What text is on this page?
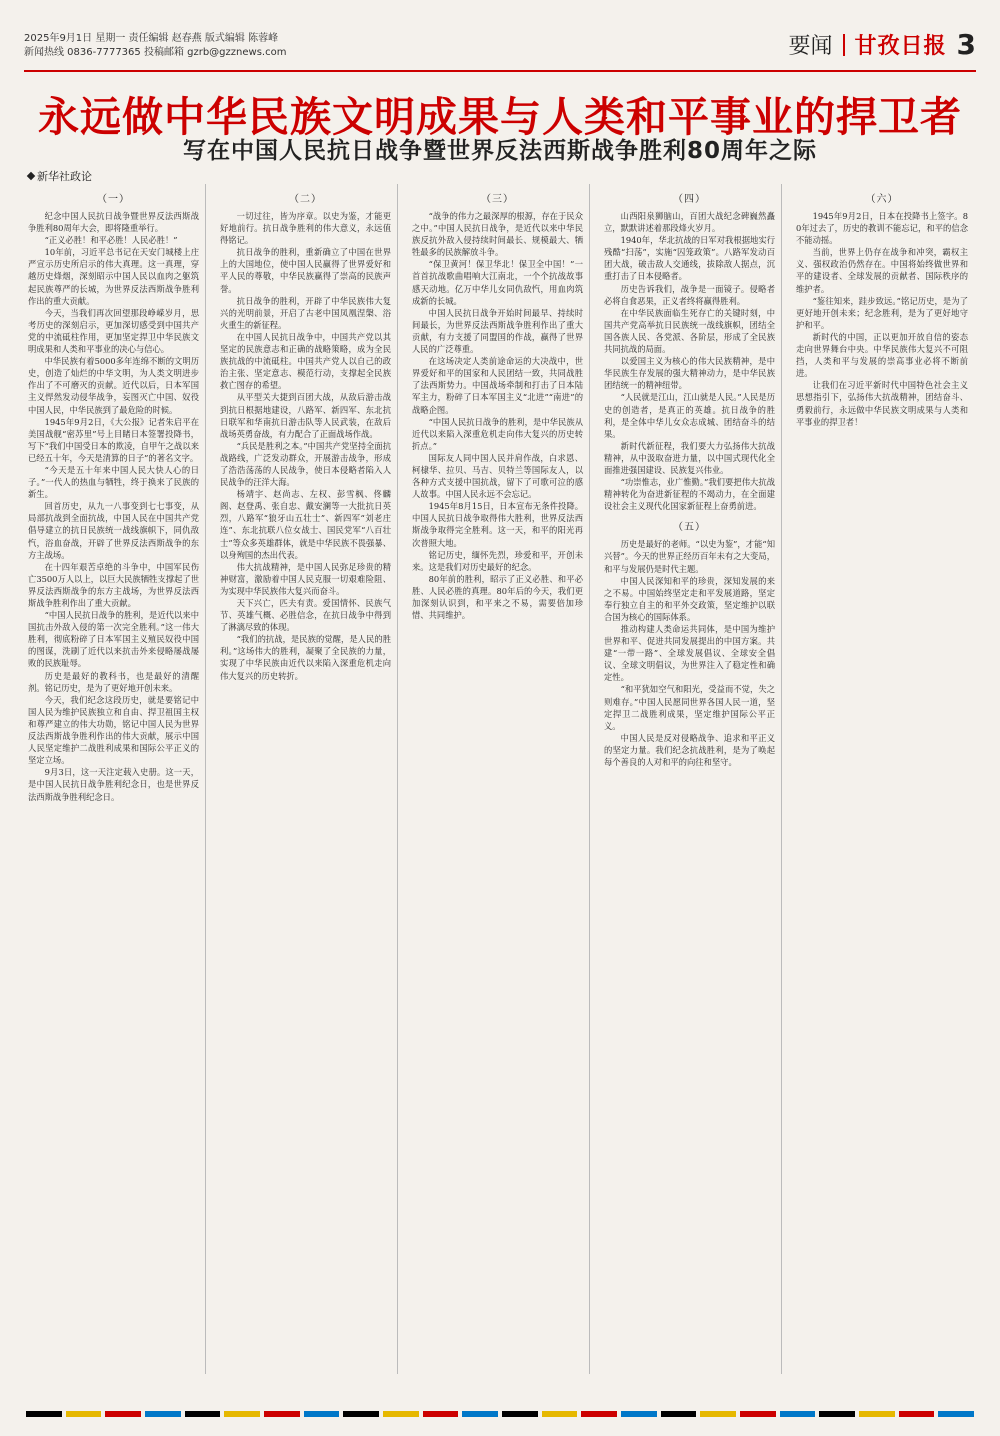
2025年9月1日 星期一 责任编辑 赵春燕 版式编辑 陈蓉峰
新闻热线 0836-7777365 投稿邮箱 gzrb@gzznews.com	要闻 甘孜日报 3
永远做中华民族文明成果与人类和平事业的捍卫者
写在中国人民抗日战争暨世界反法西斯战争胜利80周年之际
新华社政论
（一）

纪念中国人民抗日战争暨世界反法西斯战争胜利80周年大会，即将隆重举行。

“正义必胜！和平必胜！人民必胜！”

10年前，习近平总书记在天安门城楼上庄严宣示历史所启示的伟大真理。这一真理，穿越历史烽烟，深刻昭示中国人民以血肉之躯筑起民族尊严的长城，为世界反法西斯战争胜利作出的重大贡献。

今天，当我们再次回望那段峥嵘岁月，思考历史的深刻启示，更加深切感受到中国共产党的中流砥柱作用，更加坚定捍卫中华民族文明成果和人类和平事业的决心与信心。

中华民族有着5000多年连绵不断的文明历史，创造了灿烂的中华文明，为人类文明进步作出了不可磨灭的贡献。近代以后，日本军国主义悍然发动侵华战争，妄图灭亡中国、奴役中国人民，中华民族到了最危险的时候。

1945年9月2日，《大公报》记者朱启平在美国战舰“密苏里”号上目睹日本签署投降书，写下“我们中国受日本的欺凌，自甲午之战以来已经五十年，今天是清算的日子”的著名文字。

“今天是五十年来中国人民大快人心的日子。”一代人的热血与牺牲，终于换来了民族的新生。

回首历史，从九一八事变到七七事变，从局部抗战到全面抗战，中国人民在中国共产党倡导建立的抗日民族统一战线旗帜下，同仇敌忾，浴血奋战，开辟了世界反法西斯战争的东方主战场。

在十四年艰苦卓绝的斗争中，中国军民伤亡3500万人以上，以巨大民族牺牲支撑起了世界反法西斯战争的东方主战场，为世界反法西斯战争胜利作出了重大贡献。

“中国人民抗日战争的胜利，是近代以来中国抗击外敌入侵的第一次完全胜利。”这一伟大胜利，彻底粉碎了日本军国主义殖民奴役中国的图谋，洗刷了近代以来抗击外来侵略屡战屡败的民族耻辱。

历史是最好的教科书，也是最好的清醒剂。铭记历史，是为了更好地开创未来。

今天，我们纪念这段历史，就是要铭记中国人民为维护民族独立和自由、捍卫祖国主权和尊严建立的伟大功勋，铭记中国人民为世界反法西斯战争胜利作出的伟大贡献，展示中国人民坚定维护二战胜利成果和国际公平正义的坚定立场。

9月3日，这一天注定载入史册。这一天，是中国人民抗日战争胜利纪念日，也是世界反法西斯战争胜利纪念日。

（二）

一切过往，皆为序章。以史为鉴，才能更好地前行。抗日战争胜利的伟大意义，永远值得铭记。

抗日战争的胜利，重新确立了中国在世界上的大国地位，使中国人民赢得了世界爱好和平人民的尊敬，中华民族赢得了崇高的民族声誉。

抗日战争的胜利，开辟了中华民族伟大复兴的光明前景，开启了古老中国凤凰涅槃、浴火重生的新征程。

在中国人民抗日战争中，中国共产党以其坚定的民族意志和正确的战略策略，成为全民族抗战的中流砥柱。中国共产党人以自己的政治主张、坚定意志、模范行动，支撑起全民族救亡图存的希望。

从平型关大捷到百团大战，从敌后游击战到抗日根据地建设，八路军、新四军、东北抗日联军和华南抗日游击队等人民武装，在敌后战场英勇奋战，有力配合了正面战场作战。

“兵民是胜利之本。”中国共产党坚持全面抗战路线，广泛发动群众，开展游击战争，形成了浩浩荡荡的人民战争，使日本侵略者陷入人民战争的汪洋大海。

杨靖宇、赵尚志、左权、彭雪枫、佟麟阁、赵登禹、张自忠、戴安澜等一大批抗日英烈，八路军“狼牙山五壮士”、新四军“刘老庄连”、东北抗联八位女战士、国民党军“八百壮士”等众多英雄群体，就是中华民族不畏强暴、以身殉国的杰出代表。

伟大抗战精神，是中国人民弥足珍贵的精神财富，激励着中国人民克服一切艰难险阻、为实现中华民族伟大复兴而奋斗。

天下兴亡，匹夫有责。爱国情怀、民族气节、英雄气概、必胜信念，在抗日战争中得到了淋漓尽致的体现。

“我们的抗战，是民族的觉醒，是人民的胜利。”这场伟大的胜利，凝聚了全民族的力量，实现了中华民族由近代以来陷入深重危机走向伟大复兴的历史转折。

（三）

“战争的伟力之最深厚的根源，存在于民众之中。”中国人民抗日战争，是近代以来中华民族反抗外敌入侵持续时间最长、规模最大、牺牲最多的民族解放斗争。

“保卫黄河！保卫华北！保卫全中国！”一首首抗战歌曲唱响大江南北，一个个抗战故事感天动地。亿万中华儿女同仇敌忾，用血肉筑成新的长城。

中国人民抗日战争开始时间最早、持续时间最长，为世界反法西斯战争胜利作出了重大贡献，有力支援了同盟国的作战，赢得了世界人民的广泛尊重。

在这场决定人类前途命运的大决战中，世界爱好和平的国家和人民团结一致，共同战胜了法西斯势力。中国战场牵制和打击了日本陆军主力，粉碎了日本军国主义“北进”“南进”的战略企图。

“中国人民抗日战争的胜利，是中华民族从近代以来陷入深重危机走向伟大复兴的历史转折点。”

国际友人同中国人民并肩作战，白求恩、柯棣华、拉贝、马吉、贝特兰等国际友人，以各种方式支援中国抗战，留下了可歌可泣的感人故事。中国人民永远不会忘记。

1945年8月15日，日本宣布无条件投降。中国人民抗日战争取得伟大胜利，世界反法西斯战争取得完全胜利。这一天，和平的阳光再次普照大地。

铭记历史，缅怀先烈，珍爱和平，开创未来。这是我们对历史最好的纪念。

80年前的胜利，昭示了正义必胜、和平必胜、人民必胜的真理。80年后的今天，我们更加深刻认识到，和平来之不易，需要倍加珍惜、共同维护。

（四）

山西阳泉狮脑山，百团大战纪念碑巍然矗立，默默讲述着那段烽火岁月。

1940年，华北抗战的日军对我根据地实行残酷“扫荡”，实施“囚笼政策”。八路军发动百团大战，破击敌人交通线，拔除敌人据点，沉重打击了日本侵略者。

历史告诉我们，战争是一面镜子。侵略者必将自食恶果，正义者终将赢得胜利。

在中华民族面临生死存亡的关键时刻，中国共产党高举抗日民族统一战线旗帜，团结全国各族人民、各党派、各阶层，形成了全民族共同抗战的局面。

以爱国主义为核心的伟大民族精神，是中华民族生存发展的强大精神动力，是中华民族团结统一的精神纽带。

“人民就是江山，江山就是人民。”人民是历史的创造者，是真正的英雄。抗日战争的胜利，是全体中华儿女众志成城、团结奋斗的结果。

新时代新征程，我们要大力弘扬伟大抗战精神，从中汲取奋进力量，以中国式现代化全面推进强国建设、民族复兴伟业。

“功崇惟志，业广惟勤。”我们要把伟大抗战精神转化为奋进新征程的不竭动力，在全面建设社会主义现代化国家新征程上奋勇前进。

（五）

历史是最好的老师。“以史为鉴”，才能“知兴替”。今天的世界正经历百年未有之大变局，和平与发展仍是时代主题。

中国人民深知和平的珍贵，深知发展的来之不易。中国始终坚定走和平发展道路，坚定奉行独立自主的和平外交政策，坚定维护以联合国为核心的国际体系。

推动构建人类命运共同体，是中国为维护世界和平、促进共同发展提出的中国方案。共建“一带一路”、全球发展倡议、全球安全倡议、全球文明倡议，为世界注入了稳定性和确定性。

“和平犹如空气和阳光，受益而不觉，失之则难存。”中国人民愿同世界各国人民一道，坚定捍卫二战胜利成果，坚定维护国际公平正义。

中国人民是反对侵略战争、追求和平正义的坚定力量。我们纪念抗战胜利，是为了唤起每个善良的人对和平的向往和坚守。

（六）

1945年9月2日，日本在投降书上签字。80年过去了，历史的教训不能忘记，和平的信念不能动摇。

当前，世界上仍存在战争和冲突，霸权主义、强权政治仍然存在。中国将始终做世界和平的建设者、全球发展的贡献者、国际秩序的维护者。

“鉴往知来，跬步致远。”铭记历史，是为了更好地开创未来；纪念胜利，是为了更好地守护和平。

新时代的中国，正以更加开放自信的姿态走向世界舞台中央。中华民族伟大复兴不可阻挡，人类和平与发展的崇高事业必将不断前进。

让我们在习近平新时代中国特色社会主义思想指引下，弘扬伟大抗战精神，团结奋斗、勇毅前行，永远做中华民族文明成果与人类和平事业的捍卫者！
